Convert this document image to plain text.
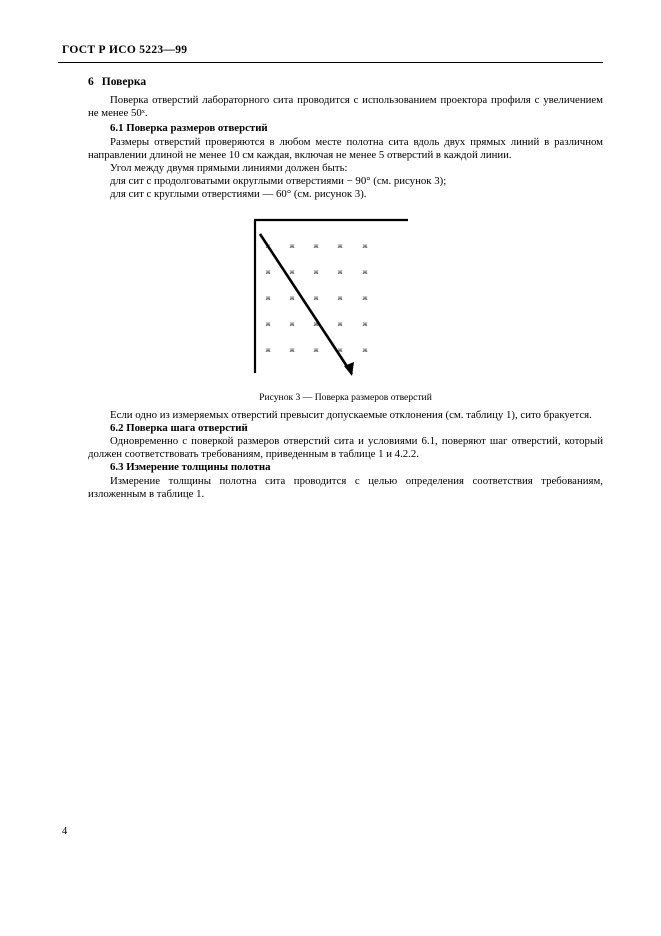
ГОСТ Р ИСО 5223—99
6 Поверка

Поверка отверстий лабораторного сита проводится с использованием проектора профиля с увеличением не менее 50ˣ.

6.1 Поверка размеров отверстий

Размеры отверстий проверяются в любом месте полотна сита вдоль двух прямых линий в различном направлении длиной не менее 10 см каждая, включая не менее 5 отверстий в каждой линии.

Угол между двумя прямыми линиями должен быть:

для сит с продолговатыми округлыми отверстиями − 90° (см. рисунок 3);

для сит с круглыми отверстиями — 60° (см. рисунок 3).

ж	ж	ж	ж	ж
ж	ж	ж	ж	ж
ж	ж	ж	ж	ж
ж	ж	ж	ж	ж
ж	ж	ж	ж	ж
Рисунок 3 — Поверка размеров отверстий

Если одно из измеряемых отверстий превысит допускаемые отклонения (см. таблицу 1), сито бракуется.

6.2 Поверка шага отверстий

Одновременно с поверкой размеров отверстий сита и условиями 6.1, поверяют шаг отверстий, который должен соответствовать требованиям, приведенным в таблице 1 и 4.2.2.

6.3 Измерение толщины полотна

Измерение толщины полотна сита проводится с целью определения соответствия требованиям, изложенным в таблице 1.

4
